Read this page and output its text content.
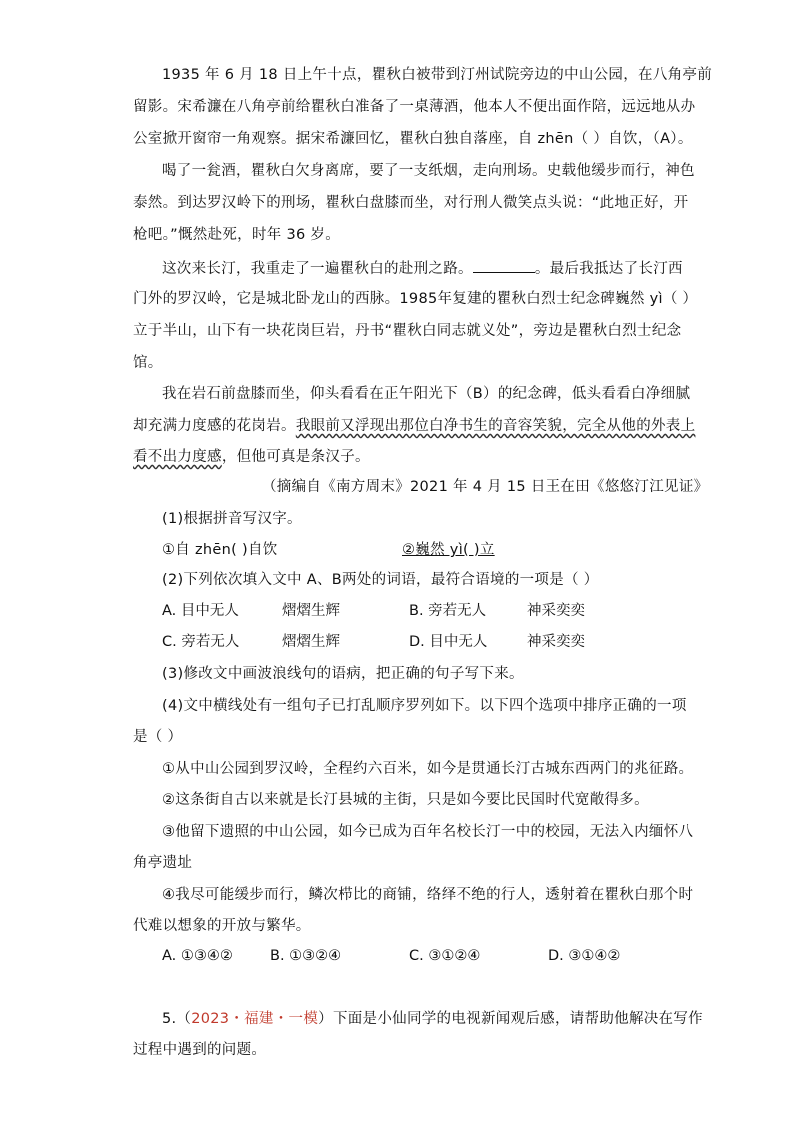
1935 年 6 月 18 日上午十点，瞿秋白被带到汀州试院旁边的中山公园，在八角亭前
留影。宋希濂在八角亭前给瞿秋白准备了一桌薄酒，他本人不便出面作陪，远远地从办
公室掀开窗帘一角观察。据宋希濂回忆，瞿秋白独自落座，自 zhēn（ ）自饮，（A）。
喝了一瓮酒，瞿秋白欠身离席，要了一支纸烟，走向刑场。史载他缓步而行，神色
泰然。到达罗汉岭下的刑场，瞿秋白盘膝而坐，对行刑人微笑点头说：“此地正好，开
枪吧。”慨然赴死，时年 36 岁。
这次来长汀，我重走了一遍瞿秋白的赴刑之路。	。最后我抵达了长汀西
门外的罗汉岭，它是城北卧龙山的西脉。1985年复建的瞿秋白烈士纪念碑巍然 yì（ ）
立于半山，山下有一块花岗巨岩，丹书“瞿秋白同志就义处”，旁边是瞿秋白烈士纪念
馆。
我在岩石前盘膝而坐，仰头看看在正午阳光下（B）的纪念碑，低头看看白净细腻
却充满力度感的花岗岩。我眼前又浮现出那位白净书生的音容笑貌，完全从他的外表上
看不出力度感，但他可真是条汉子。
（摘编自《南方周末》2021 年 4 月 15 日王在田《悠悠汀江见证》
(1)根据拼音写汉字。
①自 zhēn( )自饮	②巍然 yì( )立
(2)下列依次填入文中 A、B两处的词语，最符合语境的一项是（ ）
A. 目中无人	熠熠生辉	B. 旁若无人	神采奕奕
C. 旁若无人	熠熠生辉	D. 目中无人	神采奕奕
(3)修改文中画波浪线句的语病，把正确的句子写下来。
(4)文中横线处有一组句子已打乱顺序罗列如下。以下四个选项中排序正确的一项
是（ ）
①从中山公园到罗汉岭，全程约六百米，如今是贯通长汀古城东西两门的兆征路。
②这条街自古以来就是长汀县城的主街，只是如今要比民国时代宽敞得多。
③他留下遗照的中山公园，如今已成为百年名校长汀一中的校园，无法入内缅怀八
角亭遗址
④我尽可能缓步而行，鳞次栉比的商铺，络绎不绝的行人，透射着在瞿秋白那个时
代难以想象的开放与繁华。
A. ①③④②	B. ①③②④	C. ③①②④	D. ③①④②
5.（2023・福建・一模）下面是小仙同学的电视新闻观后感，请帮助他解决在写作
过程中遇到的问题。
